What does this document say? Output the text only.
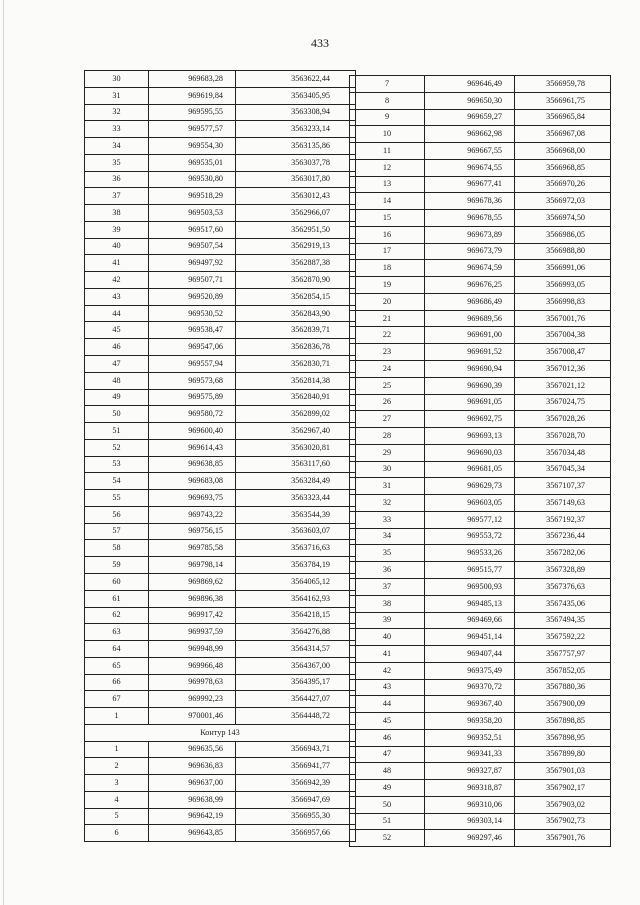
433
30	969683,28	3563622,44
31	969619,84	3563405,95
32	969595,55	3563308,94
33	969577,57	3563233,14
34	969554,30	3563135,86
35	969535,01	3563037,78
36	969530,80	3563017,80
37	969518,29	3563012,43
38	969503,53	3562966,07
39	969517,60	3562951,50
40	969507,54	3562919,13
41	969497,92	3562887,38
42	969507,71	3562870,90
43	969520,89	3562854,15
44	969530,52	3562843,90
45	969538,47	3562839,71
46	969547,06	3562836,78
47	969557,94	3562830,71
48	969573,68	3562814,38
49	969575,89	3562840,91
50	969580,72	3562899,02
51	969600,40	3562967,40
52	969614,43	3563020,81
53	969638,85	3563117,60
54	969683,08	3563284,49
55	969693,75	3563323,44
56	969743,22	3563544,39
57	969756,15	3563603,07
58	969785,58	3563716,63
59	969798,14	3563784,19
60	969869,62	3564065,12
61	969896,38	3564162,93
62	969917,42	3564218,15
63	969937,59	3564276,88
64	969948,99	3564314,57
65	969966,48	3564367,00
66	969978,63	3564395,17
67	969992,23	3564427,07
1	970001,46	3564448,72
Контур 143		
1	969635,56	3566943,71
2	969636,83	3566941,77
3	969637,00	3566942,39
4	969638,99	3566947,69
5	969642,19	3566955,30
6	969643,85	3566957,66
7	969646,49	3566959,78
8	969650,30	3566961,75
9	969659,27	3566965,84
10	969662,98	3566967,08
11	969667,55	3566968,00
12	969674,55	3566968,85
13	969677,41	3566970,26
14	969678,36	3566972,03
15	969678,55	3566974,50
16	969673,89	3566986,05
17	969673,79	3566988,80
18	969674,59	3566991,06
19	969676,25	3566993,05
20	969686,49	3566998,83
21	969689,56	3567001,76
22	969691,00	3567004,38
23	969691,52	3567008,47
24	969690,94	3567012,36
25	969690,39	3567021,12
26	969691,05	3567024,75
27	969692,75	3567028,26
28	969693,13	3567028,70
29	969690,03	3567034,48
30	969681,05	3567045,34
31	969629,73	3567107,37
32	969603,05	3567149,63
33	969577,12	3567192,37
34	969553,72	3567236,44
35	969533,26	3567282,06
36	969515,77	3567328,89
37	969500,93	3567376,63
38	969485,13	3567435,06
39	969469,66	3567494,35
40	969451,14	3567592,22
41	969407,44	3567757,97
42	969375,49	3567852,05
43	969370,72	3567880,36
44	969367,40	3567900,09
45	969358,20	3567898,85
46	969352,51	3567898,95
47	969341,33	3567899,80
48	969327,87	3567901,03
49	969318,87	3567902,17
50	969310,06	3567903,02
51	969303,14	3567902,73
52	969297,46	3567901,76
